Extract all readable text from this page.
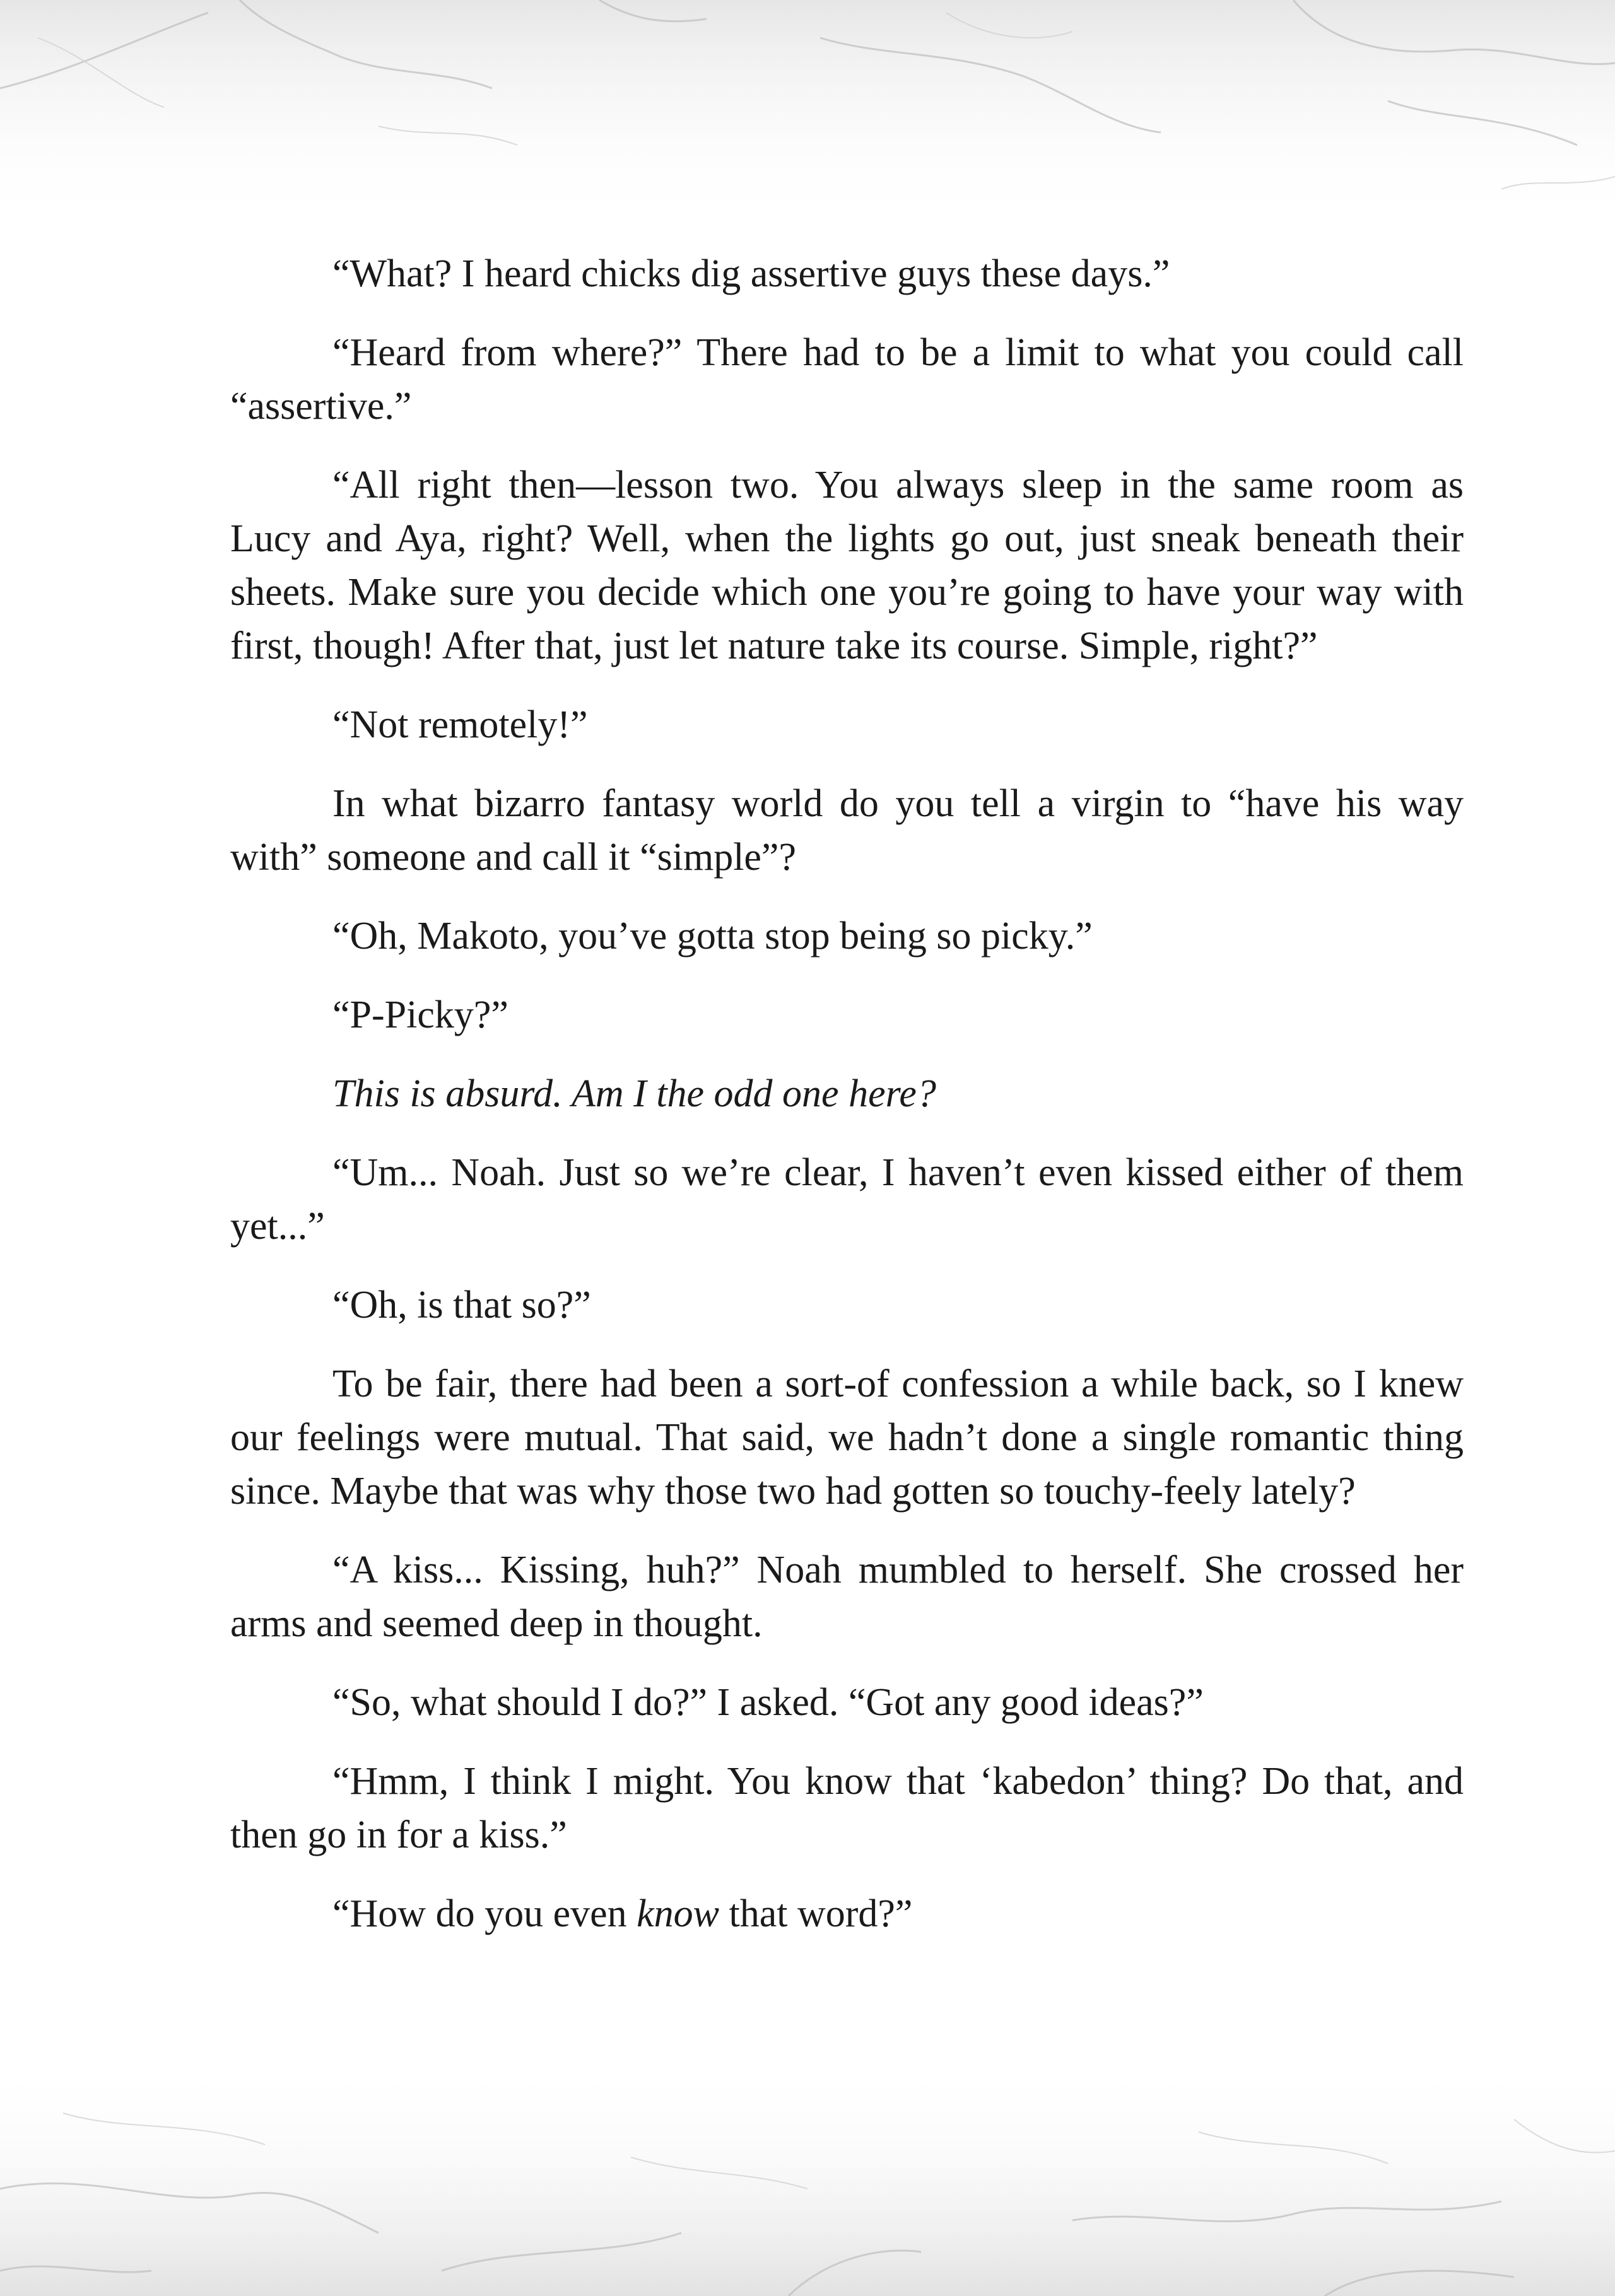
“What? I heard chicks dig assertive guys these days.”

“Heard from where?” There had to be a limit to what you could call “assertive.”

“All right then—lesson two. You always sleep in the same room as Lucy and Aya, right? Well, when the lights go out, just sneak beneath their sheets. Make sure you decide which one you’re going to have your way with first, though! After that, just let nature take its course. Simple, right?”

“Not remotely!”

In what bizarro fantasy world do you tell a virgin to “have his way with” someone and call it “simple”?

“Oh, Makoto, you’ve gotta stop being so picky.”

“P-Picky?”

This is absurd. Am I the odd one here?

“Um... Noah. Just so we’re clear, I haven’t even kissed either of them yet...”

“Oh, is that so?”

To be fair, there had been a sort-of confession a while back, so I knew our feelings were mutual. That said, we hadn’t done a single romantic thing since. Maybe that was why those two had gotten so touchy-feely lately?

“A kiss... Kissing, huh?” Noah mumbled to herself. She crossed her arms and seemed deep in thought.

“So, what should I do?” I asked. “Got any good ideas?”

“Hmm, I think I might. You know that ‘kabedon’ thing? Do that, and then go in for a kiss.”

“How do you even know that word?”
